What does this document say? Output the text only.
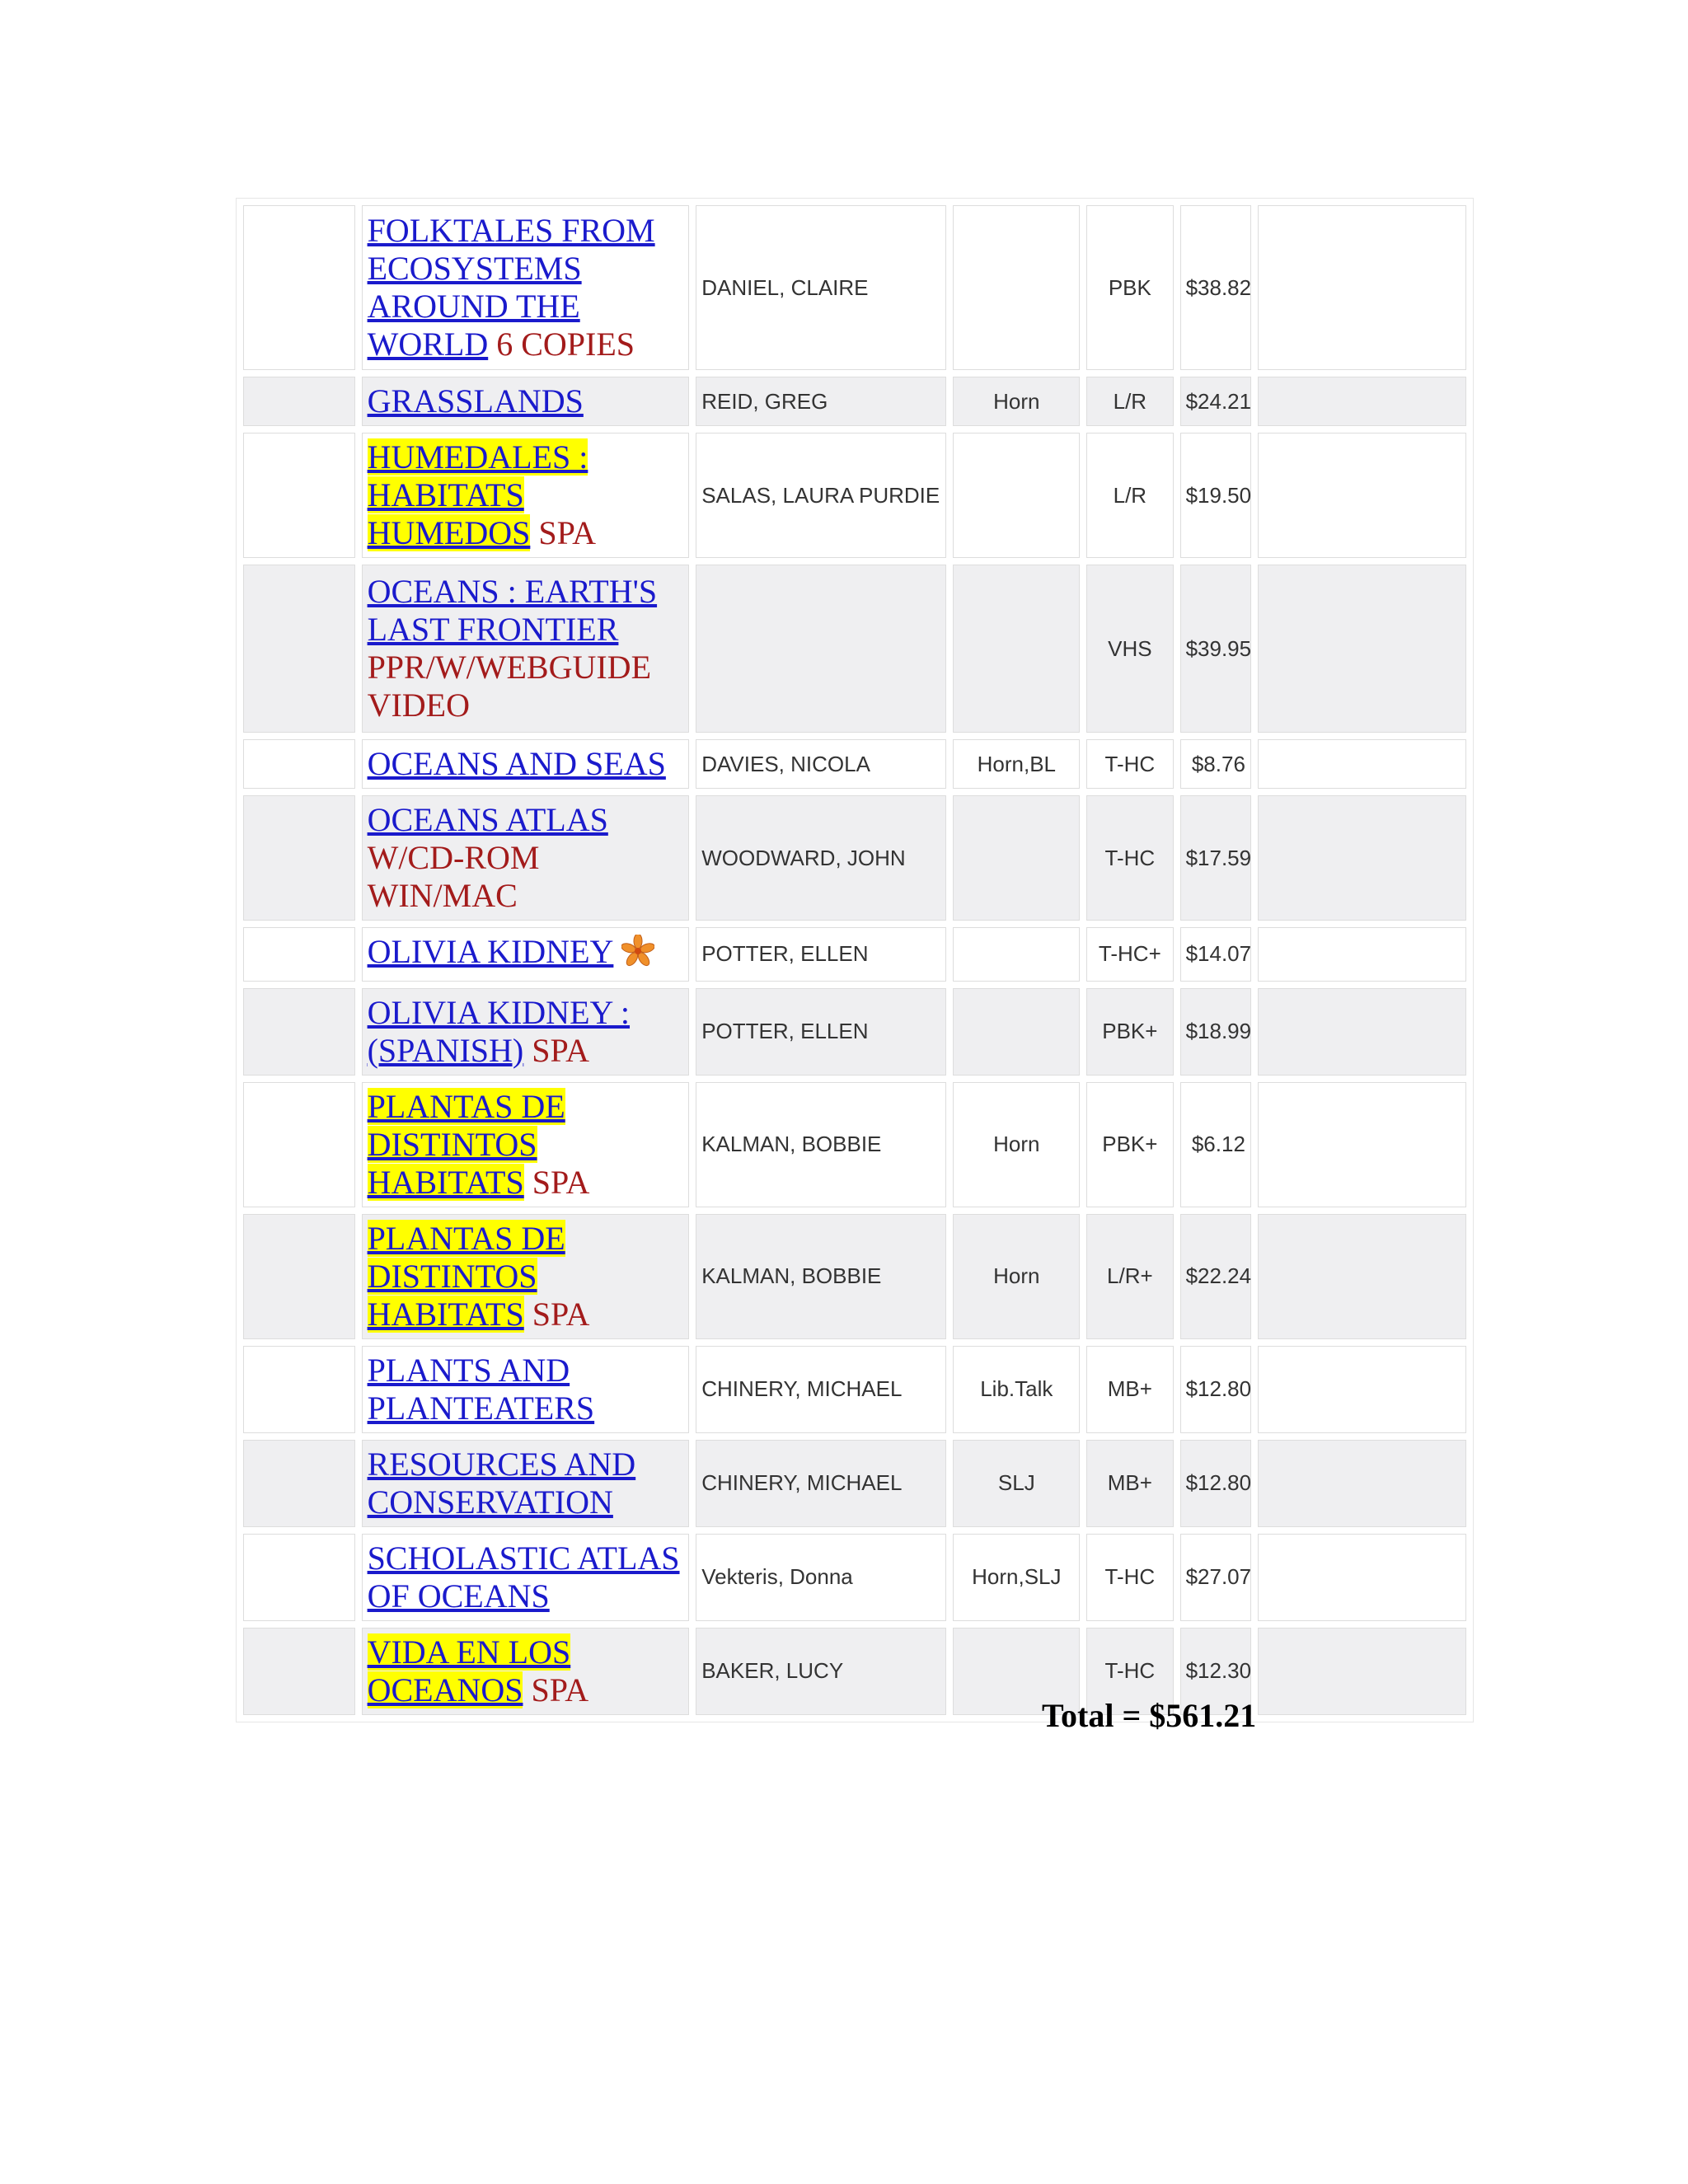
	FOLKTALES FROM ECOSYSTEMS AROUND THE WORLD 6 COPIES	DANIEL, CLAIRE		PBK	$38.82	
	GRASSLANDS	REID, GREG	Horn	L/R	$24.21	
	HUMEDALES : HABITATS HUMEDOS SPA	SALAS, LAURA PURDIE		L/R	$19.50	
	OCEANS : EARTH'S LAST FRONTIER PPR/W/WEBGUIDE VIDEO			VHS	$39.95	
	OCEANS AND SEAS	DAVIES, NICOLA	Horn,BL	T-HC	$8.76	
	OCEANS ATLAS W/CD-ROM WIN/MAC	WOODWARD, JOHN		T-HC	$17.59	
	OLIVIA KIDNEY	POTTER, ELLEN		T-HC+	$14.07	
	OLIVIA KIDNEY : (SPANISH) SPA	POTTER, ELLEN		PBK+	$18.99	
	PLANTAS DE DISTINTOS HABITATS SPA	KALMAN, BOBBIE	Horn	PBK+	$6.12	
	PLANTAS DE DISTINTOS HABITATS SPA	KALMAN, BOBBIE	Horn	L/R+	$22.24	
	PLANTS AND PLANTEATERS	CHINERY, MICHAEL	Lib.Talk	MB+	$12.80	
	RESOURCES AND CONSERVATION	CHINERY, MICHAEL	SLJ	MB+	$12.80	
	SCHOLASTIC ATLAS OF OCEANS	Vekteris, Donna	Horn,SLJ	T-HC	$27.07	
	VIDA EN LOS OCEANOS SPA	BAKER, LUCY		T-HC	$12.30	
Total = $561.21
